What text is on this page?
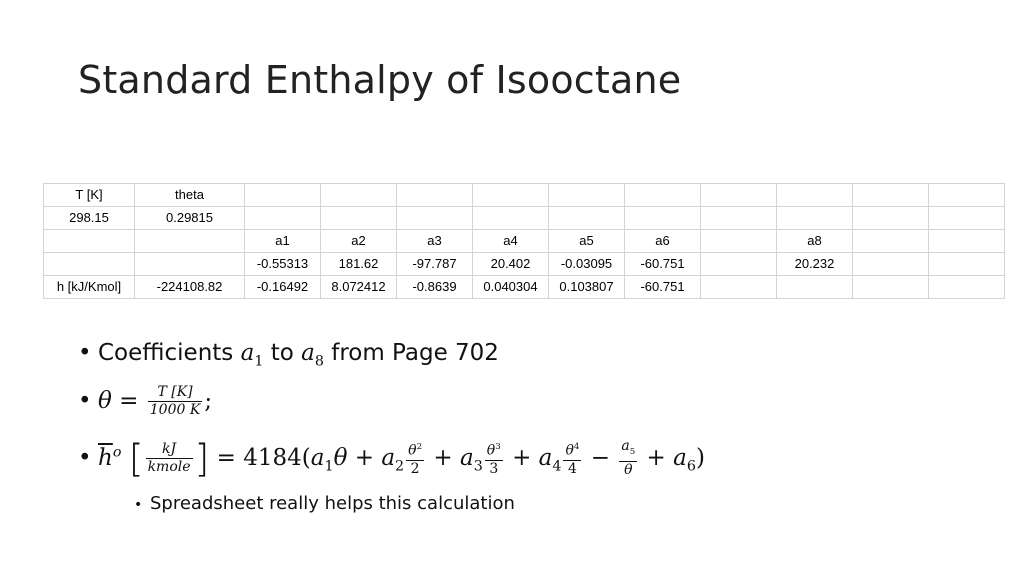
Standard Enthalpy of Isooctane
T [K]	theta										
298.15	0.29815										
		a1	a2	a3	a4	a5	a6		a8		
		-0.55313	181.62	-97.787	20.402	-0.03095	-60.751		20.232		
h [kJ/Kmol]	-224108.82	-0.16492	8.072412	-0.8639	0.040304	0.103807	-60.751				
• Coefficients $a_1$ to $a_8$ from Page 702
• $\theta = \frac{T [K]}{1000 K}$ ;
• $\overline{h}^o$ [ $\frac{kJ}{\text{kmole}}$ ] = $4184(a_1\theta + a_2 \frac{\theta^2}{2} + a_3 \frac{\theta^3}{3} + a_4 \frac{\theta^4}{4} - \frac{a_5}{\theta} + a_6)$
• Spreadsheet really helps this calculation
